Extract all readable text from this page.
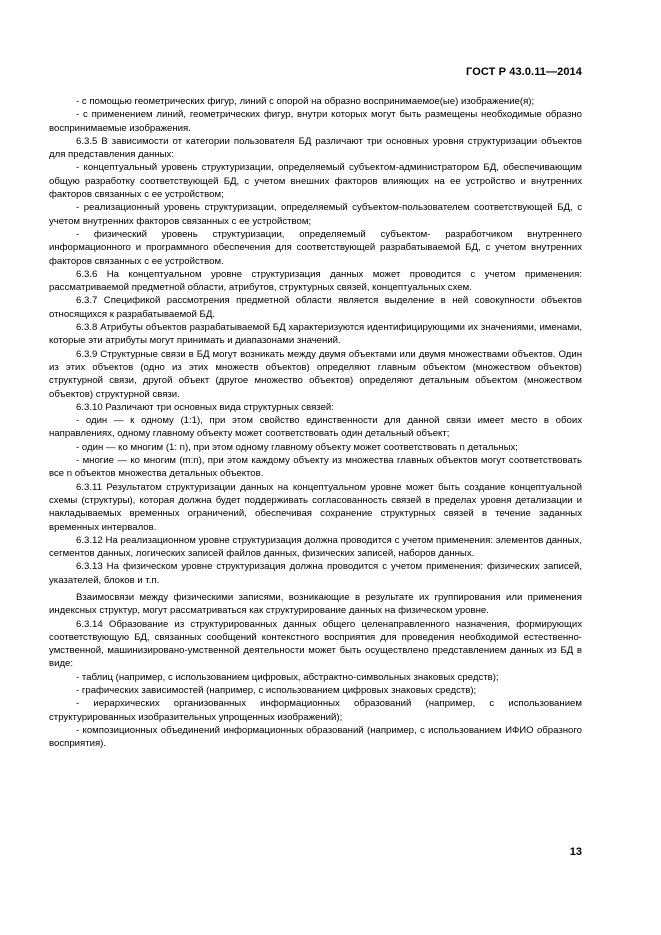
ГОСТ Р 43.0.11—2014

- с помощью геометрических фигур, линий с опорой на образно воспринимаемое(ые) изображение(я);

- с применением линий, геометрических фигур, внутри которых могут быть размещены необходимые образно воспринимаемые изображения.

6.3.5 В зависимости от категории пользователя БД различают три основных уровня структуризации объектов для представления данных:

- концептуальный уровень структуризации, определяемый субъектом-администратором БД, обеспечивающим общую разработку соответствующей БД, с учетом внешних факторов влияющих на ее устройство и внутренних факторов связанных с ее устройством;

- реализационный уровень структуризации, определяемый субъектом-пользователем соответствующей БД, с учетом внутренних факторов связанных с ее устройством;

- физический уровень структуризации, определяемый субъектом- разработчиком внутреннего информационного и программного обеспечения для соответствующей разрабатываемой БД, с учетом внутренних факторов связанных с ее устройством.

6.3.6 На концептуальном уровне структуризация данных может проводится с учетом применения: рассматриваемой предметной области, атрибутов, структурных связей, концептуальных схем.

6.3.7 Спецификой рассмотрения предметной области является выделение в ней совокупности объектов относящихся к разрабатываемой БД.

6.3.8 Атрибуты объектов разрабатываемой БД характеризуются идентифицирующими их значениями, именами, которые эти атрибуты могут принимать и диапазонами значений.

6.3.9 Структурные связи в БД могут возникать между двумя объектами или двумя множествами объектов. Один из этих объектов (одно из этих множеств объектов) определяют главным объектом (множеством объектов) структурной связи, другой объект (другое множество объектов) определяют детальным объектом (множеством объектов) структурной связи.

6.3.10 Различают три основных вида структурных связей:

- один — к одному (1:1), при этом свойство единственности для данной связи имеет место в обоих направлениях, одному главному объекту может соответствовать один детальный объект;

- один — ко многим (1: n), при этом одному главному объекту может соответствовать n детальных;

- многие — ко многим (m:n), при этом каждому объекту из множества главных объектов могут соответствовать все n объектов множества детальных объектов.

6.3.11 Результатом структуризации данных на концептуальном уровне может быть создание концептуальной схемы (структуры), которая должна будет поддерживать согласованность связей в пределах уровня детализации и накладываемых временных ограничений, обеспечивая сохранение структурных связей в течение заданных временных интервалов.

6.3.12 На реализационном уровне структуризация должна проводится с учетом применения: элементов данных, сегментов данных, логических записей файлов данных, физических записей, наборов данных.

6.3.13 На физическом уровне структуризация должна проводится с учетом применения: физических записей, указателей, блоков и т.п.

Взаимосвязи между физическими записями, возникающие в результате их группирования или применения индексных структур, могут рассматриваться как структурирование данных на физическом уровне.

6.3.14 Образование из структурированных данных общего целенаправленного назначения, формирующих соответствующую БД, связанных сообщений контекстного восприятия для проведения необходимой естественно-умственной, машинизировано-умственной деятельности может быть осуществлено представлением данных из БД в виде:

- таблиц (например, с использованием цифровых, абстрактно-символьных знаковых средств);

- графических зависимостей (например, с использованием цифровых знаковых средств);

- иерархических организованных информационных образований (например, с использованием структурированных изобразительных упрощенных изображений);

- композиционных объединений информационных образований (например, с использованием ИФИО образного восприятия).

13
